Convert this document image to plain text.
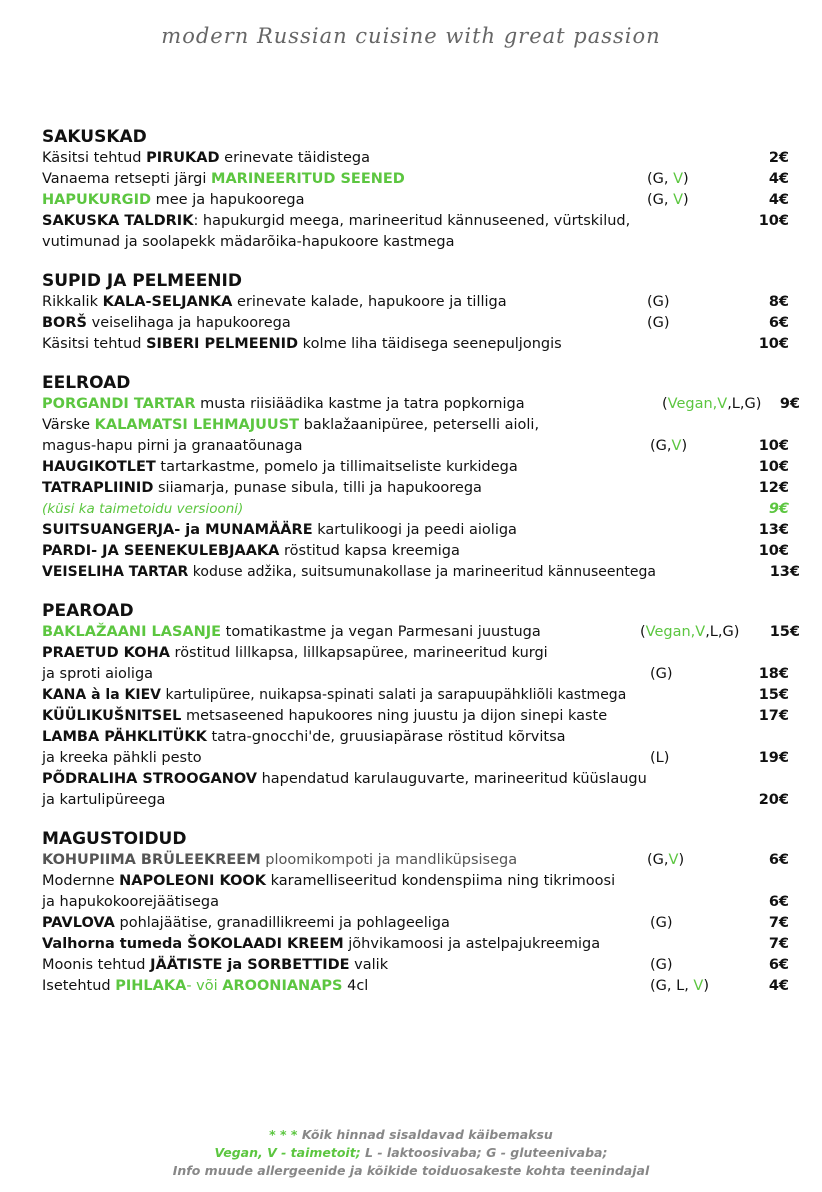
modern Russian cuisine with great passion
SAKUSKAD
Käsitsi tehtud PIRUKAD erinevate täidistega	2€
Vanaema retsepti järgi MARINEERITUD SEENED	(G, V)	4€
HAPUKURGID mee ja hapukoorega	(G, V)	4€
SAKUSKA TALDRIK: hapukurgid meega, marineeritud kännuseened, vürtskilud,	10€
vutimunad ja soolapekk mädarõika-hapukoore kastmega
SUPID JA PELMEENID
Rikkalik KALA-SELJANKA erinevate kalade, hapukoore ja tilliga	(G)	8€
BORŠ veiselihaga ja hapukoorega	(G)	6€
Käsitsi tehtud SIBERI PELMEENID kolme liha täidisega seenepuljongis	10€
EELROAD
PORGANDI TARTAR musta riisiäädika kastme ja tatra popkorniga	(Vegan,V,L,G) 9€
Värske KALAMATSI LEHMAJUUST baklažaanipüree, peterselli aioli,
magus-hapu pirni ja granaatõunaga	(G,V)	10€
HAUGIKOTLET tartarkastme, pomelo ja tillimaitseliste kurkidega	10€
TATRAPLIINID siiamarja, punase sibula, tilli ja hapukoorega	12€
(küsi ka taimetoidu versiooni)	9€
SUITSUANGERJA- ja MUNAMÄÄRE kartulikoogi ja peedi aioliga	13€
PARDI- JA SEENEKULEBJAAKA röstitud kapsa kreemiga	10€
VEISELIHA TARTAR koduse adžika, suitsumunakollase ja marineeritud kännuseentega	13€
PEAROAD
BAKLAŽAANI LASANJE tomatikastme ja vegan Parmesani juustuga	(Vegan,V,L,G) 15€
PRAETUD KOHA röstitud lillkapsa, lillkapsapüree, marineeritud kurgi
ja sproti aioliga	(G)	18€
KANA à la KIEV kartulipüree, nuikapsa-spinati salati ja sarapuupähkliõli kastmega	15€
KÜÜLIKUŠNITSEL metsaseened hapukoores ning juustu ja dijon sinepi kaste	17€
LAMBA PÄHKLITÜKK tatra-gnocchi'de, gruusiapärase röstitud kõrvitsa
ja kreeka pähkli pesto	(L)	19€
PÕDRALIHA STROOGANOV hapendatud karulauguvarte, marineeritud küüslaugu
ja kartulipüreega	20€
MAGUSTOIDUD
KOHUPIIMA BRÜLEEKREEM ploomikompoti ja mandliküpsisega	(G,V)	6€
Modernne NAPOLEONI KOOK karamelliseeritud kondenspiima ning tikrimoosi
ja hapukokoorejäätisega	6€
PAVLOVA pohlajäätise, granadillikreemi ja pohlageeliga	(G)	7€
Valhorna tumeda ŠOKOLAADI KREEM jõhvikamoosi ja astelpajukreemiga	7€
Moonis tehtud JÄÄTISTE ja SORBETTIDE valik	(G)	6€
Isetehtud PIHLAKA- või AROONIANAPS 4cl	(G, L, V)	4€
* * * Kõik hinnad sisaldavad käibemaksu
Vegan, V - taimetoit; L - laktoosivaba; G - gluteenivaba;
Info muude allergeenide ja kõikide toiduosakeste kohta teenindajal
